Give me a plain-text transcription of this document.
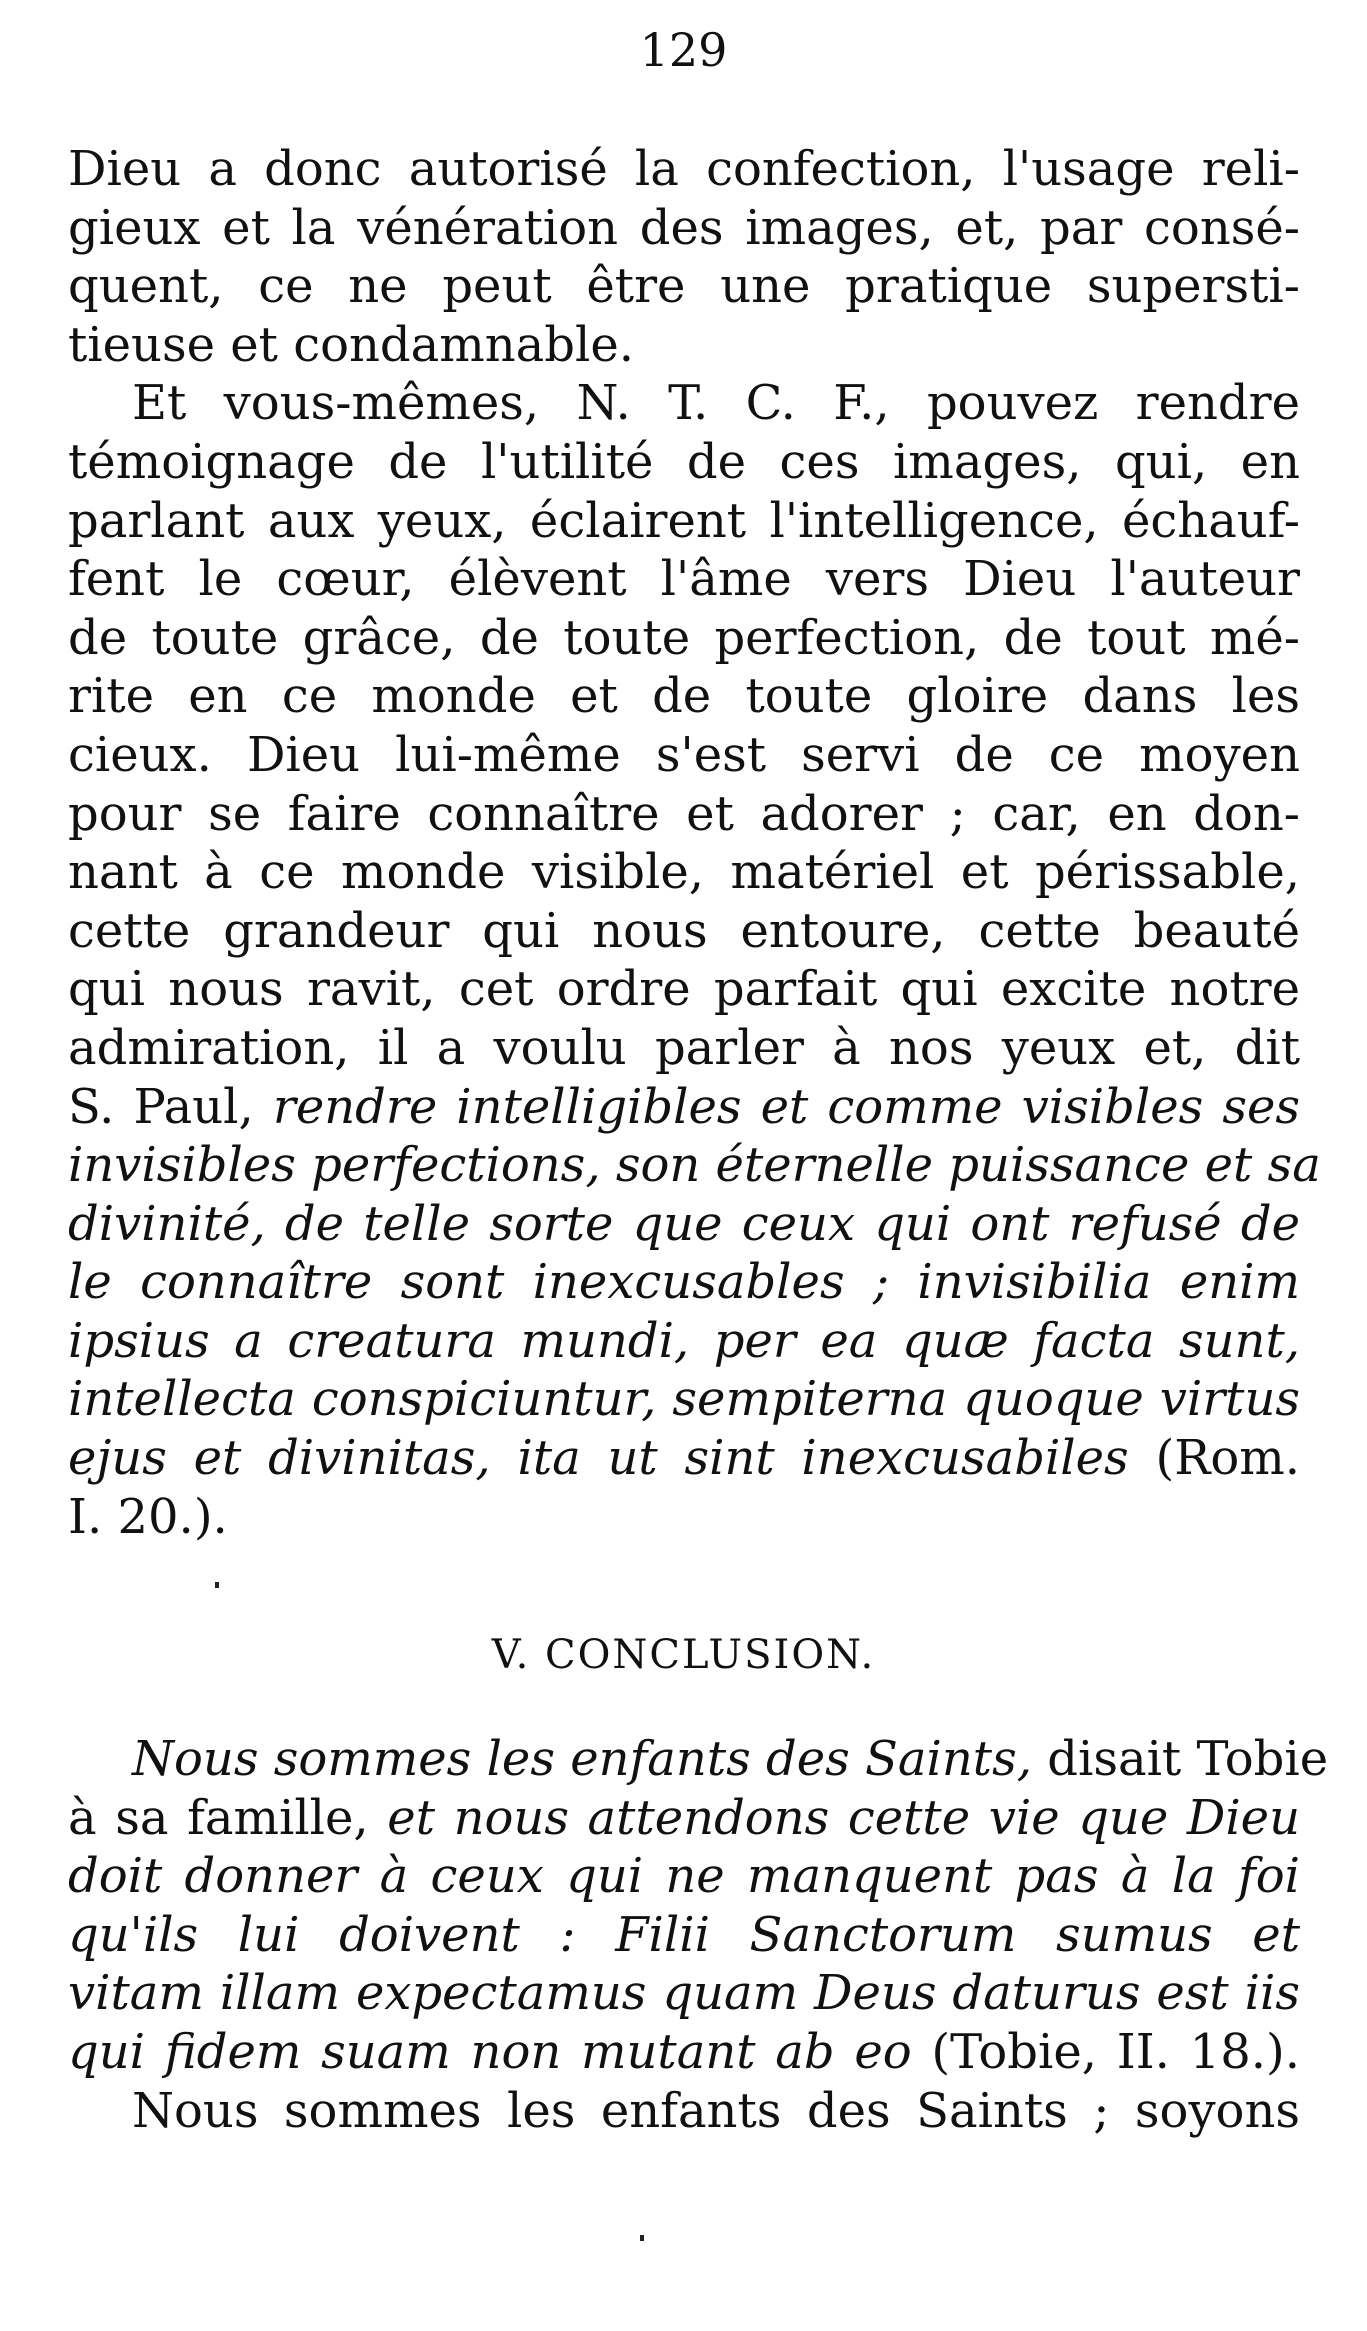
129
Dieu a donc autorisé la confection, l'usage reli-
gieux et la vénération des images, et, par consé-
quent, ce ne peut être une pratique supersti-
tieuse et condamnable.
Et vous-mêmes, N. T. C. F., pouvez rendre
témoignage de l'utilité de ces images, qui, en
parlant aux yeux, éclairent l'intelligence, échauf-
fent le cœur, élèvent l'âme vers Dieu l'auteur
de toute grâce, de toute perfection, de tout mé-
rite en ce monde et de toute gloire dans les
cieux. Dieu lui-même s'est servi de ce moyen
pour se faire connaître et adorer ; car, en don-
nant à ce monde visible, matériel et périssable,
cette grandeur qui nous entoure, cette beauté
qui nous ravit, cet ordre parfait qui excite notre
admiration, il a voulu parler à nos yeux et, dit
S. Paul, rendre intelligibles et comme visibles ses
invisibles perfections, son éternelle puissance et sa
divinité, de telle sorte que ceux qui ont refusé de
le connaître sont inexcusables ; invisibilia enim
ipsius a creatura mundi, per ea quæ facta sunt,
intellecta conspiciuntur, sempiterna quoque virtus
ejus et divinitas, ita ut sint inexcusabiles (Rom.
I. 20.).
V. CONCLUSION.
Nous sommes les enfants des Saints, disait Tobie
à sa famille, et nous attendons cette vie que Dieu
doit donner à ceux qui ne manquent pas à la foi
qu'ils lui doivent : Filii Sanctorum sumus et
vitam illam expectamus quam Deus daturus est iis
qui fidem suam non mutant ab eo (Tobie, II. 18.).
Nous sommes les enfants des Saints ; soyons
